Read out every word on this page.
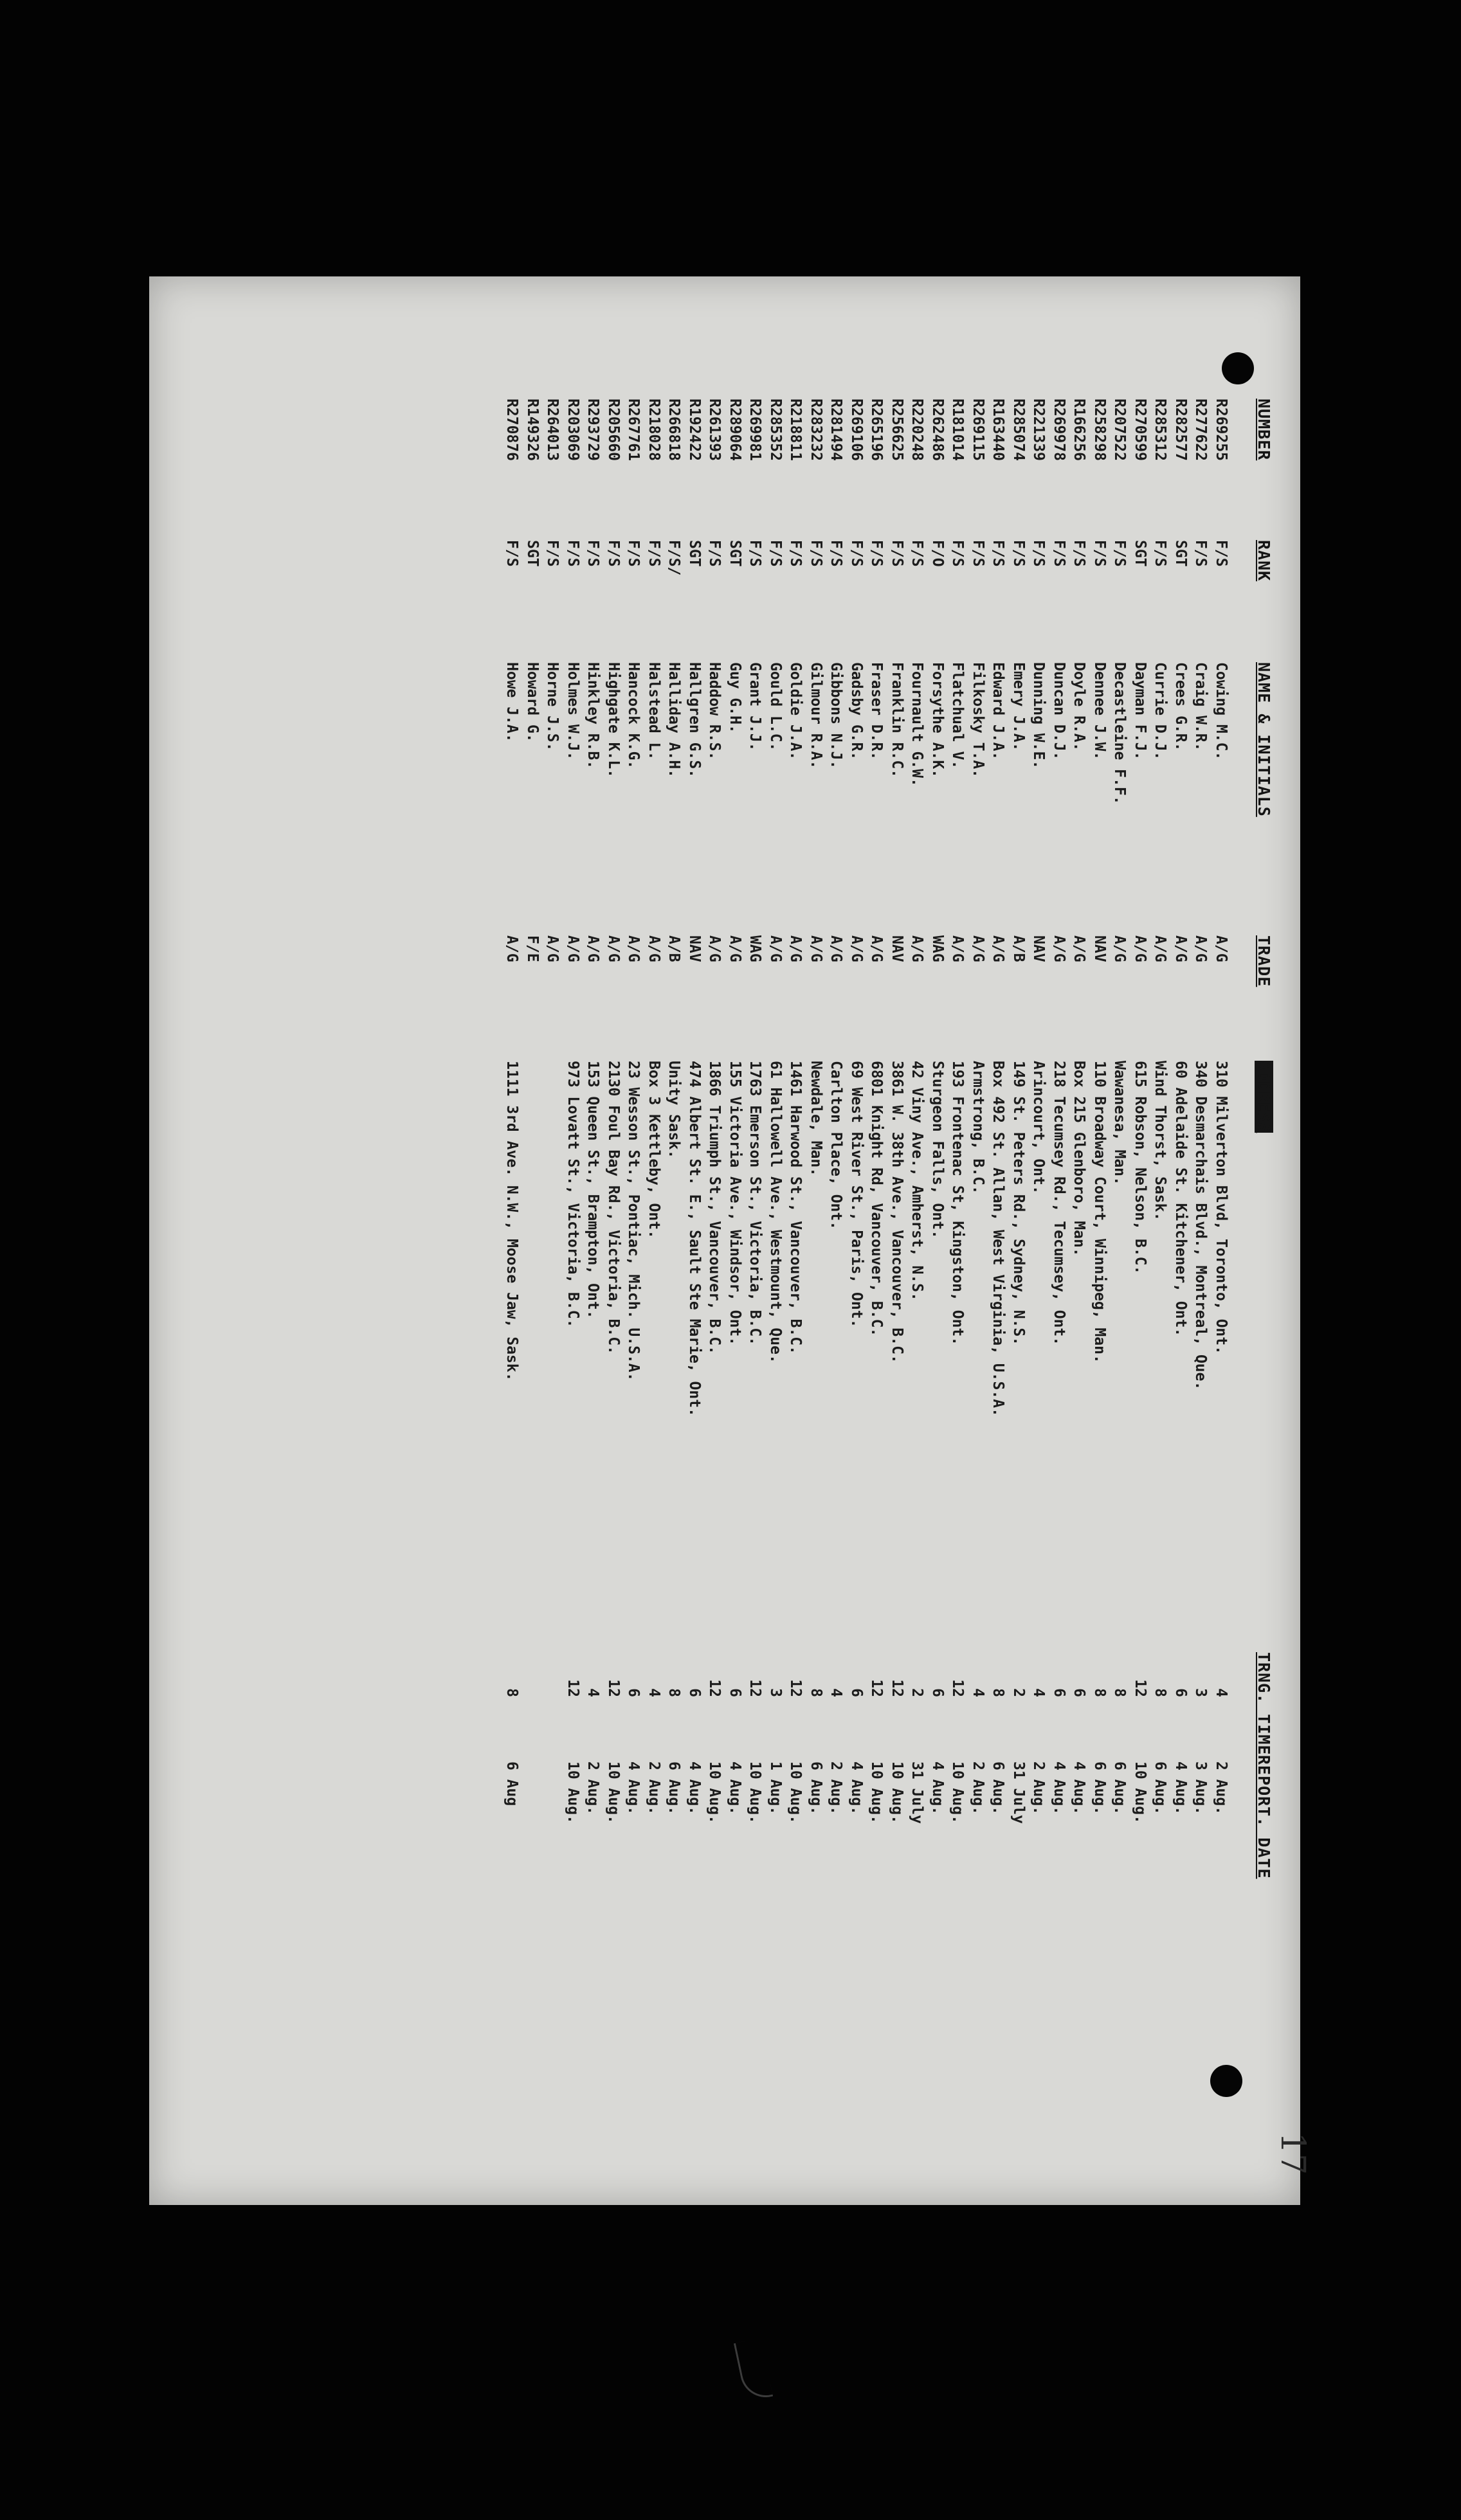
NUMBER
RANK
NAME & INITIALS
TRADE
ADDRESS
TRNG. TIME
REPORT. DATE
R269255
F/S
Cowing M.C.
A/G
310 Milverton Blvd, Toronto, Ont.
4
2 Aug.
R277622
F/S
Craig W.R.
A/G
340 Desmarchais Blvd., Montreal, Que.
3
3 Aug.
R282577
SGT
Crees G.R.
A/G
60 Adelaide St. Kitchener, Ont.
6
4 Aug.
R285312
F/S
Currie D.J.
A/G
Wind Thorst, Sask.
8
6 Aug.
R270599
SGT
Dayman F.J.
A/G
615 Robson, Nelson, B.C.
12
10 Aug.
R207522
F/S
Decastleine F.F.
A/G
Wawanesa, Man.
8
6 Aug.
R258298
F/S
Dennee J.W.
NAV
110 Broadway Court, Winnipeg, Man.
8
6 Aug.
R166256
F/S
Doyle R.A.
A/G
Box 215 Glenboro, Man.
6
4 Aug.
R269978
F/S
Duncan D.J.
A/G
218 Tecumsey Rd., Tecumsey, Ont.
6
4 Aug.
R221339
F/S
Dunning W.E.
NAV
Arincourt, Ont.
4
2 Aug.
R285074
F/S
Emery J.A.
A/B
149 St. Peters Rd., Sydney, N.S.
2
31 July
R163440
F/S
Edward J.A.
A/G
Box 492 St. Allan, West Virginia, U.S.A.
8
6 Aug.
R269115
F/S
Filkosky T.A.
A/G
Armstrong, B.C.
4
2 Aug.
R181014
F/S
Flatchual V.
A/G
193 Frontenac St, Kingston, Ont.
12
10 Aug.
R262486
F/O
Forsythe A.K.
WAG
Sturgeon Falls, Ont.
6
4 Aug.
R220248
F/S
Fournault G.W.
A/G
42 Viny Ave., Amherst, N.S.
2
31 July
R256625
F/S
Franklin R.C.
NAV
3861 W. 38th Ave., Vancouver, B.C.
12
10 Aug.
R265196
F/S
Fraser D.R.
A/G
6801 Knight Rd, Vancouver, B.C.
12
10 Aug.
R269106
F/S
Gadsby G.R.
A/G
69 West River St., Paris, Ont.
6
4 Aug.
R281494
F/S
Gibbons N.J.
A/G
Carlton Place, Ont.
4
2 Aug.
R283232
F/S
Gilmour R.A.
A/G
Newdale, Man.
8
6 Aug.
R218811
F/S
Goldie J.A.
A/G
1461 Harwood St., Vancouver, B.C.
12
10 Aug.
R285352
F/S
Gould L.C.
A/G
61 Hallowell Ave., Westmount, Que.
3
1 Aug.
R269981
F/S
Grant J.J.
WAG
1763 Emerson St., Victoria, B.C.
12
10 Aug.
R289064
SGT
Guy G.H.
A/G
155 Victoria Ave., Windsor, Ont.
6
4 Aug.
R261393
F/S
Haddow R.S.
A/G
1866 Triumph St., Vancouver, B.C.
12
10 Aug.
R192422
SGT
Hallgren G.S.
NAV
474 Albert St. E., Sault Ste Marie, Ont.
6
4 Aug.
R266818
F/S/
Halliday A.H.
A/B
Unity Sask.
8
6 Aug.
R218028
F/S
Halstead L.
A/G
Box 3 Kettleby, Ont.
4
2 Aug.
R267761
F/S
Hancock K.G.
A/G
23 Wesson St., Pontiac, Mich. U.S.A.
6
4 Aug.
R205660
F/S
Highgate K.L.
A/G
2130 Foul Bay Rd., Victoria, B.C.
12
10 Aug.
R293729
F/S
Hinkley R.B.
A/G
153 Queen St., Brampton, Ont.
4
2 Aug.
R203069
F/S
Holmes W.J.
A/G
973 Lovatt St., Victoria, B.C.
12
10 Aug.
R264013
F/S
Horne J.S.
A/G
R149326
SGT
Howard G.
F/E
R270876
F/S
Howe J.A.
A/G
1111 3rd Ave. N.W., Moose Jaw, Sask.
8
6 Aug
17
